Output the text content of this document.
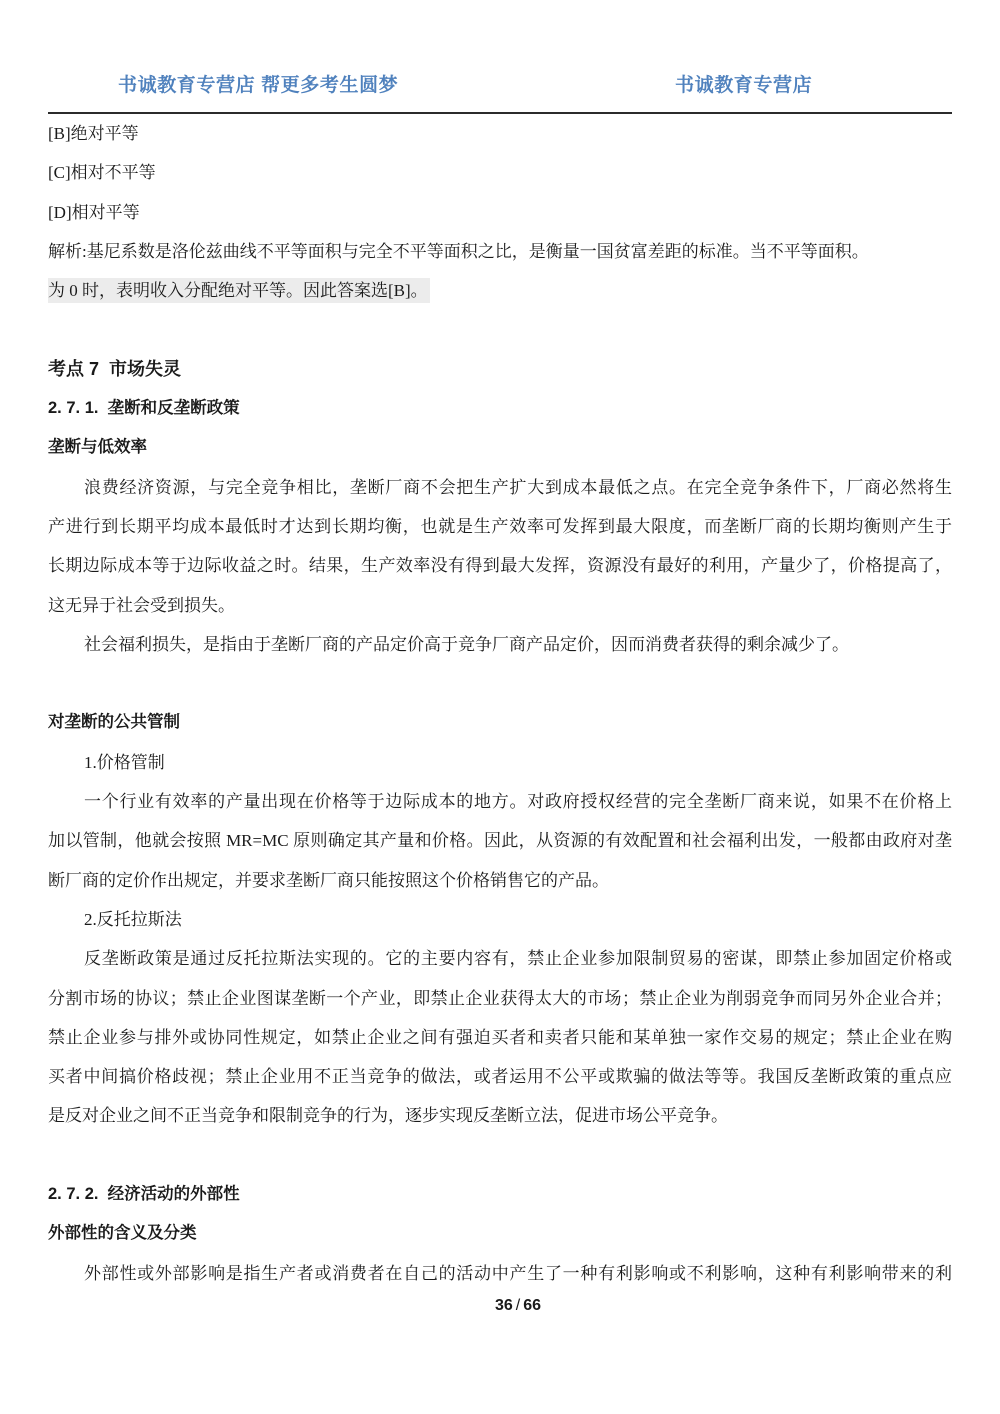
书诚教育专营店 帮更多考生圆梦	书诚教育专营店
[B]绝对平等
[C]相对不平等
[D]相对平等
解析:基尼系数是洛伦兹曲线不平等面积与完全不平等面积之比，是衡量一国贫富差距的标准。当不平等面积。
为 0 时，表明收入分配绝对平等。因此答案选[B]。
考点 7  市场失灵
2. 7. 1.  垄断和反垄断政策
垄断与低效率
浪费经济资源，与完全竞争相比，垄断厂商不会把生产扩大到成本最低之点。在完全竞争条件下，厂商必然将生
产进行到长期平均成本最低时才达到长期均衡，也就是生产效率可发挥到最大限度，而垄断厂商的长期均衡则产生于
长期边际成本等于边际收益之时。结果，生产效率没有得到最大发挥，资源没有最好的利用，产量少了，价格提高了，
这无异于社会受到损失。
社会福利损失，是指由于垄断厂商的产品定价高于竞争厂商产品定价，因而消费者获得的剩余减少了。
对垄断的公共管制
1.价格管制
一个行业有效率的产量出现在价格等于边际成本的地方。对政府授权经营的完全垄断厂商来说，如果不在价格上
加以管制，他就会按照 MR=MC 原则确定其产量和价格。因此，从资源的有效配置和社会福利出发，一般都由政府对垄
断厂商的定价作出规定，并要求垄断厂商只能按照这个价格销售它的产品。
2.反托拉斯法
反垄断政策是通过反托拉斯法实现的。它的主要内容有，禁止企业参加限制贸易的密谋，即禁止参加固定价格或
分割市场的协议；禁止企业图谋垄断一个产业，即禁止企业获得太大的市场；禁止企业为削弱竞争而同另外企业合并；
禁止企业参与排外或协同性规定，如禁止企业之间有强迫买者和卖者只能和某单独一家作交易的规定；禁止企业在购
买者中间搞价格歧视；禁止企业用不正当竞争的做法，或者运用不公平或欺骗的做法等等。我国反垄断政策的重点应
是反对企业之间不正当竞争和限制竞争的行为，逐步实现反垄断立法，促进市场公平竞争。
2. 7. 2.  经济活动的外部性
外部性的含义及分类
外部性或外部影响是指生产者或消费者在自己的活动中产生了一种有利影响或不利影响，这种有利影响带来的利
36 / 66
